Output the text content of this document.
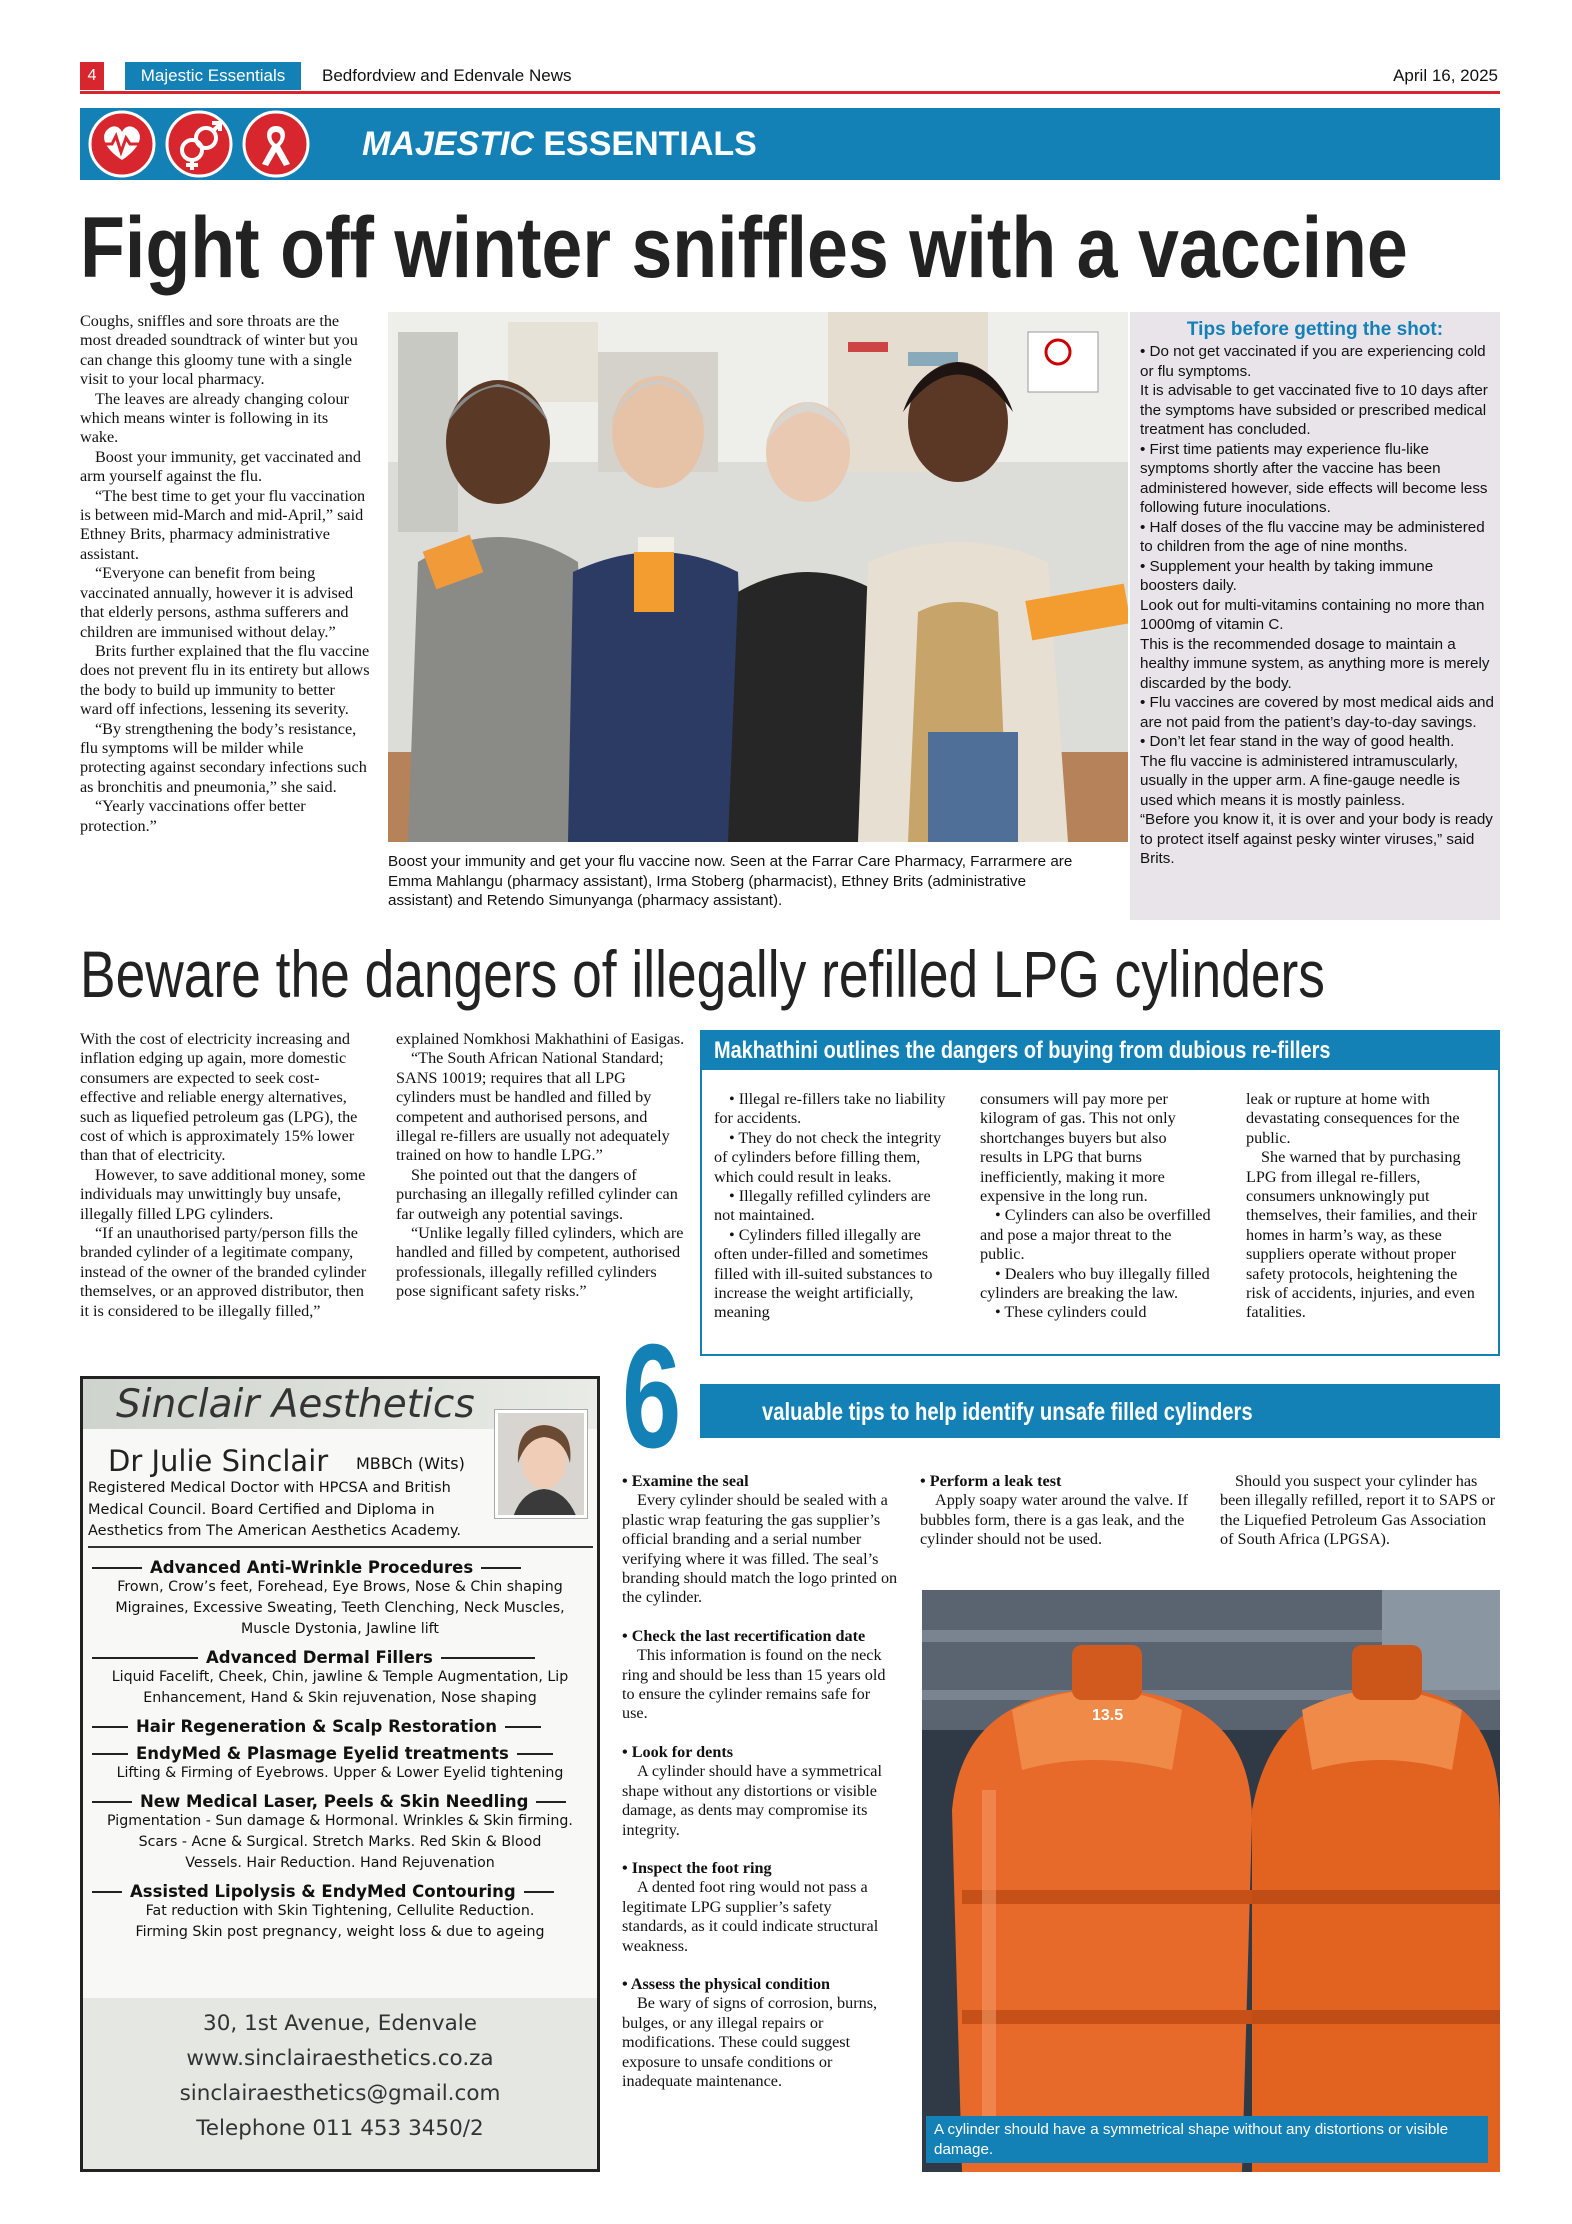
4	Majestic Essentials	Bedfordview and Edenvale News	April 16, 2025
MAJESTIC ESSENTIALS
Fight off winter sniffles with a vaccine

Coughs, sniffles and sore throats are the most dreaded soundtrack of winter but you can change this gloomy tune with a single visit to your local pharmacy.

The leaves are already changing colour which means winter is following in its wake.

Boost your immunity, get vaccinated and arm yourself against the flu.

“The best time to get your flu vaccination is between mid-March and mid-April,” said Ethney Brits, pharmacy administrative assistant.

“Everyone can benefit from being vaccinated annually, however it is advised that elderly persons, asthma sufferers and children are immunised without delay.”

Brits further explained that the flu vaccine does not prevent flu in its entirety but allows the body to build up immunity to better ward off infections, lessening its severity.

“By strengthening the body’s resistance, flu symptoms will be milder while protecting against secondary infections such as bronchitis and pneumonia,” she said.

“Yearly vaccinations offer better protection.”

Boost your immunity and get your flu vaccine now. Seen at the Farrar Care Pharmacy, Farrarmere are Emma Mahlangu (pharmacy assistant), Irma Stoberg (pharmacist), Ethney Brits (administrative assistant) and Retendo Simunyanga (pharmacy assistant).
Tips before getting the shot:
• Do not get vaccinated if you are experiencing cold or flu symptoms.
It is advisable to get vaccinated five to 10 days after the symptoms have subsided or prescribed medical treatment has concluded.
• First time patients may experience flu-like symptoms shortly after the vaccine has been administered however, side effects will become less following future inoculations.
• Half doses of the flu vaccine may be administered to children from the age of nine months.
• Supplement your health by taking immune boosters daily.
Look out for multi-vitamins containing no more than 1000mg of vitamin C.
This is the recommended dosage to maintain a healthy immune system, as anything more is merely discarded by the body.
• Flu vaccines are covered by most medical aids and are not paid from the patient’s day-to-day savings.
• Don’t let fear stand in the way of good health.
The flu vaccine is administered intramuscularly, usually in the upper arm. A fine-gauge needle is used which means it is mostly painless.
“Before you know it, it is over and your body is ready to protect itself against pesky winter viruses,” said Brits.
Beware the dangers of illegally refilled LPG cylinders

With the cost of electricity increasing and inflation edging up again, more domestic consumers are expected to seek cost-effective and reliable energy alternatives, such as liquefied petroleum gas (LPG), the cost of which is approximately 15% lower than that of electricity.

However, to save additional money, some individuals may unwittingly buy unsafe, illegally filled LPG cylinders.

“If an unauthorised party/person fills the branded cylinder of a legitimate company, instead of the owner of the branded cylinder themselves, or an approved distributor, then it is considered to be illegally filled,”

explained Nomkhosi Makhathini of Easigas.

“The South African National Standard; SANS 10019; requires that all LPG cylinders must be handled and filled by competent and authorised persons, and illegal re-fillers are usually not adequately trained on how to handle LPG.”

She pointed out that the dangers of purchasing an illegally refilled cylinder can far outweigh any potential savings.

“Unlike legally filled cylinders, which are handled and filled by competent, authorised professionals, illegally refilled cylinders pose significant safety risks.”

Makhathini outlines the dangers of buying from dubious re-fillers

• Illegal re-fillers take no liability for accidents.

• They do not check the integrity of cylinders before filling them, which could result in leaks.

• Illegally refilled cylinders are not maintained.

• Cylinders filled illegally are often under-filled and sometimes filled with ill-suited substances to increase the weight artificially, meaning

consumers will pay more per kilogram of gas. This not only shortchanges buyers but also results in LPG that burns inefficiently, making it more expensive in the long run.

• Cylinders can also be overfilled and pose a major threat to the public.

• Dealers who buy illegally filled cylinders are breaking the law.

• These cylinders could

leak or rupture at home with devastating consequences for the public.

She warned that by purchasing LPG from illegal re-fillers, consumers unknowingly put themselves, their families, and their homes in harm’s way, as these suppliers operate without proper safety protocols, heightening the risk of accidents, injuries, and even fatalities.

6	valuable tips to help identify unsafe filled cylinders
• Examine the seal

Every cylinder should be sealed with a plastic wrap featuring the gas supplier’s official branding and a serial number verifying where it was filled. The seal’s branding should match the logo printed on the cylinder.

• Check the last recertification date

This information is found on the neck ring and should be less than 15 years old to ensure the cylinder remains safe for use.

• Look for dents

A cylinder should have a symmetrical shape without any distortions or visible damage, as dents may compromise its integrity.

• Inspect the foot ring

A dented foot ring would not pass a legitimate LPG supplier’s safety standards, as it could indicate structural weakness.

• Assess the physical condition

Be wary of signs of corrosion, burns, bulges, or any illegal repairs or modifications. These could suggest exposure to unsafe conditions or inadequate maintenance.

• Perform a leak test

Apply soapy water around the valve. If bubbles form, there is a gas leak, and the cylinder should not be used.

Should you suspect your cylinder has been illegally refilled, report it to SAPS or the Liquefied Petroleum Gas Association of South Africa (LPGSA).

13.5
A cylinder should have a symmetrical shape without any distortions or visible damage.
Sinclair Aesthetics
Dr Julie Sinclair MBBCh (Wits)
Registered Medical Doctor with HPCSA and British
Medical Council. Board Certified and Diploma in
Aesthetics from The American Aesthetics Academy.
Advanced Anti-Wrinkle Procedures
Frown, Crow’s feet, Forehead, Eye Brows, Nose & Chin shaping
Migraines, Excessive Sweating, Teeth Clenching, Neck Muscles,
Muscle Dystonia, Jawline lift
Advanced Dermal Fillers
Liquid Facelift, Cheek, Chin, jawline & Temple Augmentation, Lip
Enhancement, Hand & Skin rejuvenation, Nose shaping
Hair Regeneration & Scalp Restoration
EndyMed & Plasmage Eyelid treatments
Lifting & Firming of Eyebrows. Upper & Lower Eyelid tightening
New Medical Laser, Peels & Skin Needling
Pigmentation - Sun damage & Hormonal. Wrinkles & Skin firming.
Scars - Acne & Surgical. Stretch Marks. Red Skin & Blood
Vessels. Hair Reduction. Hand Rejuvenation
Assisted Lipolysis & EndyMed Contouring
Fat reduction with Skin Tightening, Cellulite Reduction.
Firming Skin post pregnancy, weight loss & due to ageing
30, 1st Avenue, Edenvale
www.sinclairaesthetics.co.za
sinclairaesthetics@gmail.com
Telephone 011 453 3450/2
